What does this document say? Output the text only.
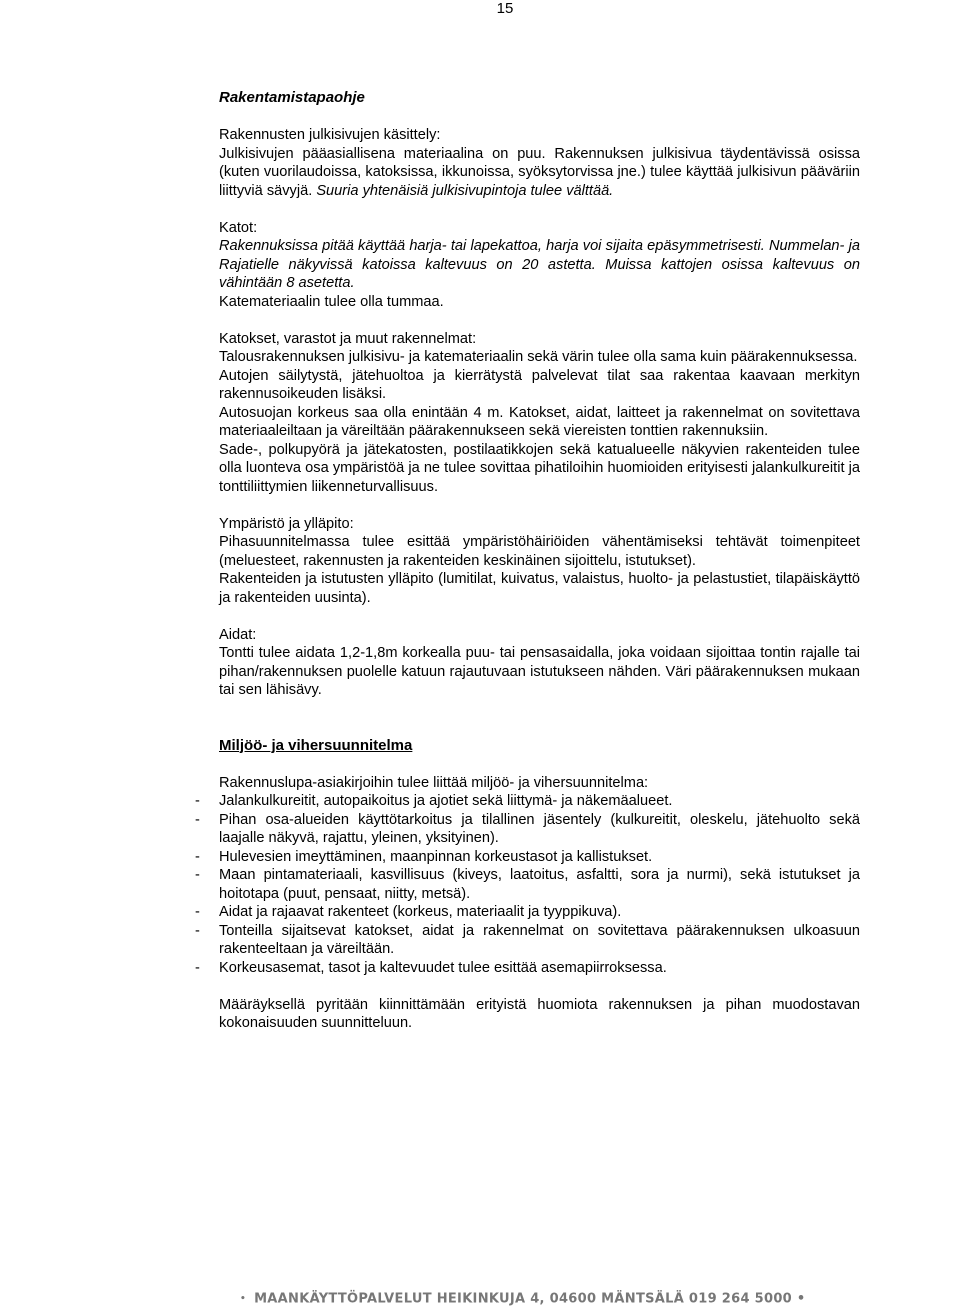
15

Rakentamistapaohje

Rakennusten julkisivujen käsittely:

Julkisivujen pääasiallisena materiaalina on puu. Rakennuksen julkisivua täydentävissä osissa (kuten vuorilaudoissa, katoksissa, ikkunoissa, syöksytorvissa jne.) tulee käyttää julkisivun pääväriin liittyviä sävyjä. Suuria yhtenäisiä julkisivupintoja tulee välttää.

Katot:

Rakennuksissa pitää käyttää harja- tai lapekattoa, harja voi sijaita epäsymmetrisesti. Nummelan- ja Rajatielle näkyvissä katoissa kaltevuus on 20 astetta. Muissa kattojen osissa kaltevuus on vähintään 8 asetetta.

Katemateriaalin tulee olla tummaa.

Katokset, varastot ja muut rakennelmat:

Talousrakennuksen julkisivu- ja katemateriaalin sekä värin tulee olla sama kuin päärakennuksessa.

Autojen säilytystä, jätehuoltoa ja kierrätystä palvelevat tilat saa rakentaa kaavaan merkityn rakennusoikeuden lisäksi.

Autosuojan korkeus saa olla enintään 4 m. Katokset, aidat, laitteet ja rakennelmat on sovitettava materiaaleiltaan ja väreiltään päärakennukseen sekä viereisten tonttien rakennuksiin.

Sade-, polkupyörä ja jätekatosten, postilaatikkojen sekä katualueelle näkyvien rakenteiden tulee olla luonteva osa ympäristöä ja ne tulee sovittaa pihatiloihin huomioiden erityisesti jalankulkureitit ja tonttiliittymien liikenneturvallisuus.

Ympäristö ja ylläpito:

Pihasuunnitelmassa tulee esittää ympäristöhäiriöiden vähentämiseksi tehtävät toimenpiteet (meluesteet, rakennusten ja rakenteiden keskinäinen sijoittelu, istutukset).

Rakenteiden ja istutusten ylläpito (lumitilat, kuivatus, valaistus, huolto- ja pelastustiet, tilapäiskäyttö ja rakenteiden uusinta).

Aidat:

Tontti tulee aidata 1,2-1,8m korkealla puu- tai pensasaidalla, joka voidaan sijoittaa tontin rajalle tai pihan/rakennuksen puolelle katuun rajautuvaan istutukseen nähden. Väri päärakennuksen mukaan tai sen lähisävy.

Miljöö- ja vihersuunnitelma

Rakennuslupa-asiakirjoihin tulee liittää miljöö- ja vihersuunnitelma:

- Jalankulkureitit, autopaikoitus ja ajotiet sekä liittymä- ja näkemäalueet.
- Pihan osa-alueiden käyttötarkoitus ja tilallinen jäsentely (kulkureitit, oleskelu, jätehuolto sekä laajalle näkyvä, rajattu, yleinen, yksityinen).
- Hulevesien imeyttäminen, maanpinnan korkeustasot ja kallistukset.
- Maan pintamateriaali, kasvillisuus (kiveys, laatoitus, asfaltti, sora ja nurmi), sekä istutukset ja hoitotapa (puut, pensaat, niitty, metsä).
- Aidat ja rajaavat rakenteet (korkeus, materiaalit ja tyyppikuva).
- Tonteilla sijaitsevat katokset, aidat ja rakennelmat on sovitettava päärakennuksen ulkoasuun rakenteeltaan ja väreiltään.
- Korkeusasemat, tasot ja kaltevuudet tulee esittää asemapiirroksessa.

Määräyksellä pyritään kiinnittämään erityistä huomiota rakennuksen ja pihan muodostavan kokonaisuuden suunnitteluun.

• MAANKÄYTTÖPALVELUT HEIKINKUJA 4, 04600 MÄNTSÄLÄ 019 264 5000 •
